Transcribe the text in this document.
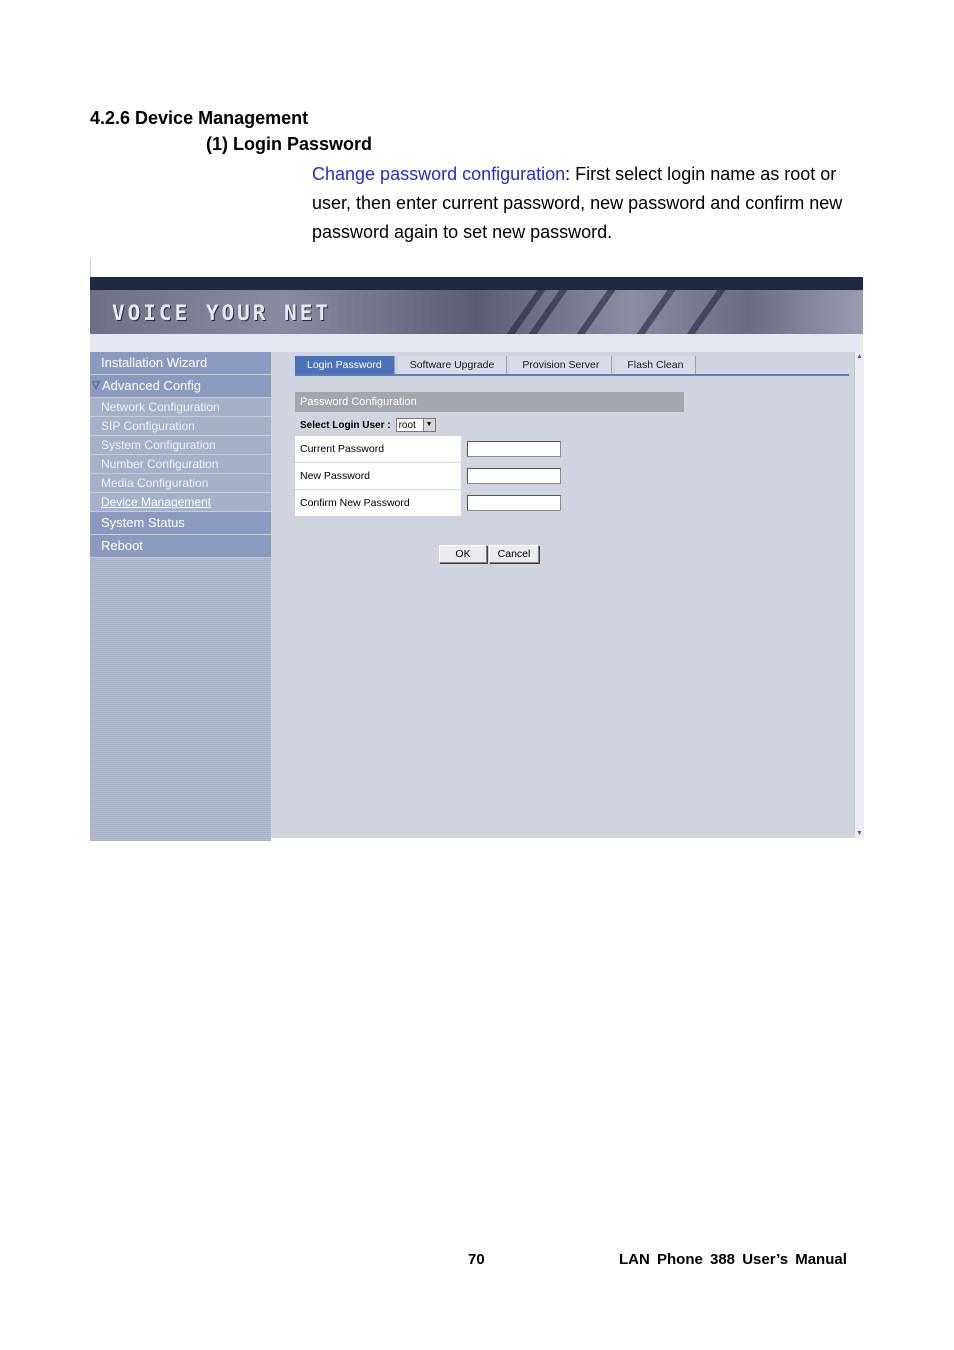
4.2.6 Device Management
(1) Login Password
Change password configuration: First select login name as root or user, then enter current password, new password and confirm new password again to set new password.
VOICE YOUR NET
Installation Wizard
▽ Advanced Config
Network Configuration
SIP Configuration
System Configuration
Number Configuration
Media Configuration
Device Management
System Status
Reboot
Login Password	Software Upgrade	Provision Server	Flash Clean
Password Configuration
Select Login User : root	▼
Current Password
New Password
Confirm New Password
OK	Cancel
▲
▼
70	LAN Phone 388 User’s Manual
